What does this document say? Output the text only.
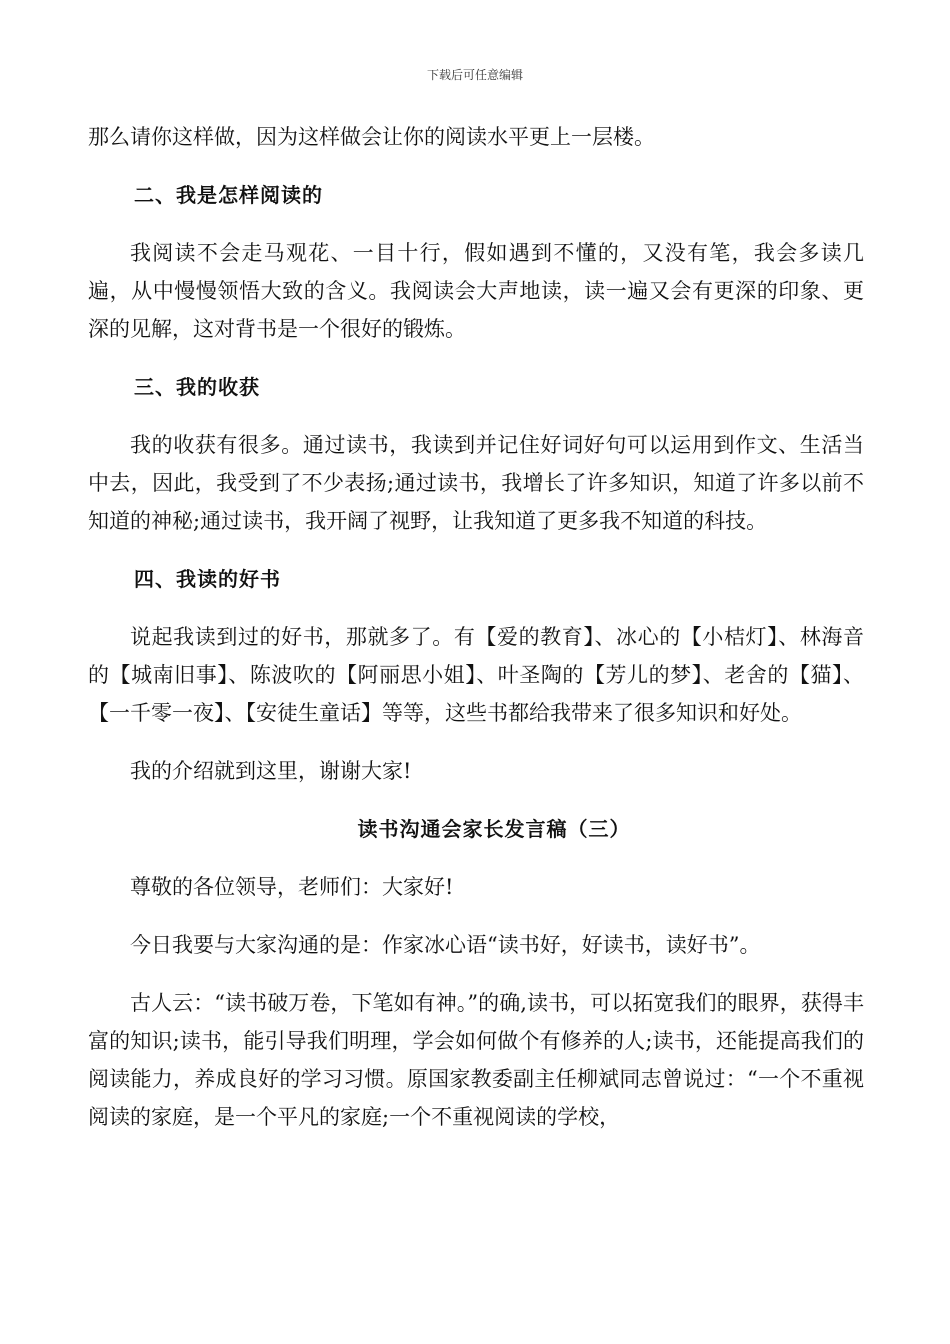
下载后可任意编辑

那么请你这样做，因为这样做会让你的阅读水平更上一层楼。

二、我是怎样阅读的

我阅读不会走马观花、一目十行，假如遇到不懂的，又没有笔，我会多读几遍，从中慢慢领悟大致的含义。我阅读会大声地读，读一遍又会有更深的印象、更深的见解，这对背书是一个很好的锻炼。

三、我的收获

我的收获有很多。通过读书，我读到并记住好词好句可以运用到作文、生活当中去，因此，我受到了不少表扬;通过读书，我增长了许多知识，知道了许多以前不知道的神秘;通过读书，我开阔了视野，让我知道了更多我不知道的科技。

四、我读的好书

说起我读到过的好书，那就多了。有【爱的教育】、冰心的【小桔灯】、林海音的【城南旧事】、陈波吹的【阿丽思小姐】、叶圣陶的【芳儿的梦】、老舍的【猫】、【一千零一夜】、【安徒生童话】等等，这些书都给我带来了很多知识和好处。

我的介绍就到这里，谢谢大家!

读书沟通会家长发言稿（三）

尊敬的各位领导，老师们：大家好!

今日我要与大家沟通的是：作家冰心语“读书好，好读书，读好书”。

古人云：“读书破万卷，下笔如有神。”的确,读书，可以拓宽我们的眼界，获得丰富的知识;读书，能引导我们明理，学会如何做个有修养的人;读书，还能提高我们的阅读能力，养成良好的学习习惯。原国家教委副主任柳斌同志曾说过：“一个不重视阅读的家庭，是一个平凡的家庭;一个不重视阅读的学校，
